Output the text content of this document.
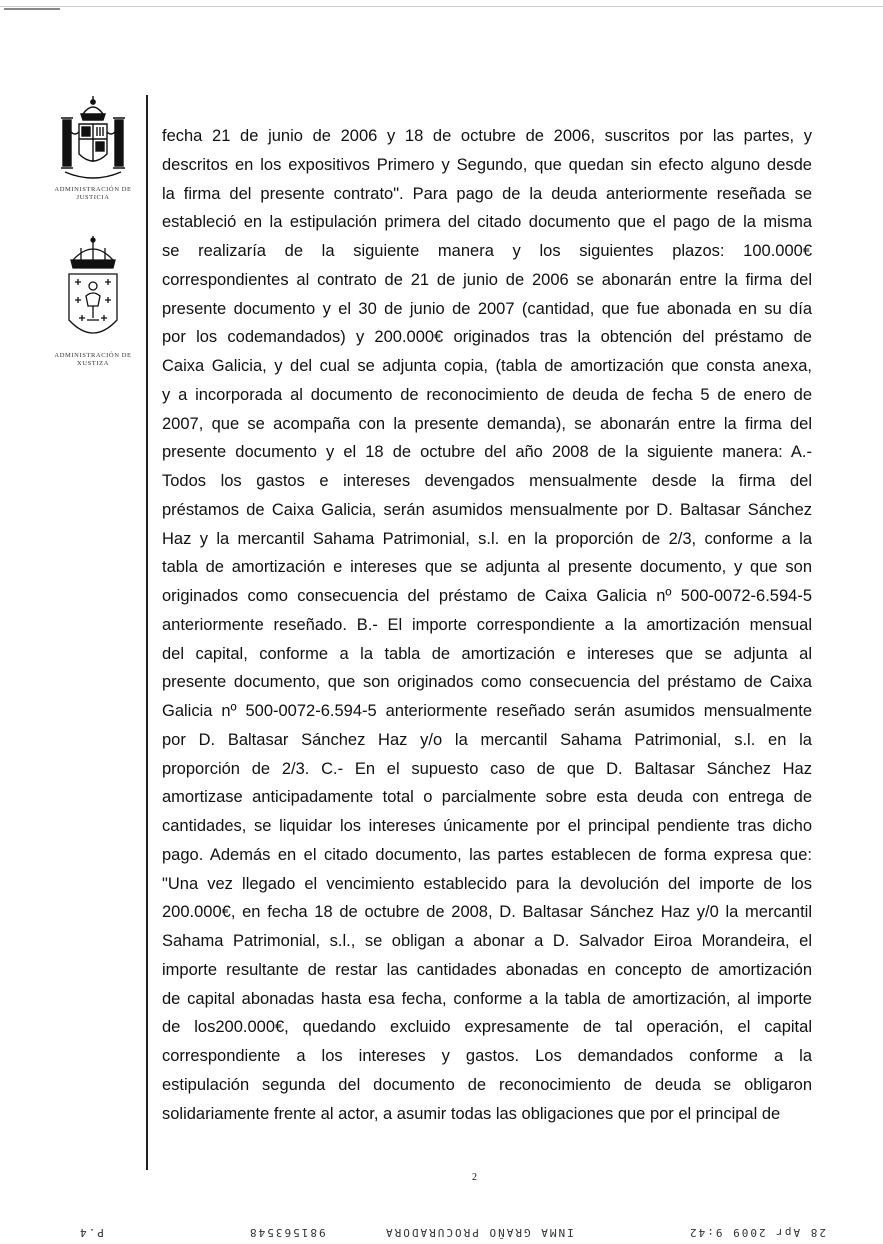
ADMINISTRACIÓN DE JUSTICIA
ADMINISTRACIÓN DE XUSTIZA
fecha 21 de junio de 2006 y 18 de octubre de 2006, suscritos por las partes, y
descritos en los expositivos Primero y Segundo, que quedan sin efecto alguno desde
la firma del presente contrato". Para pago de la deuda anteriormente reseñada se
estableció en la estipulación primera del citado documento que el pago de la misma
se realizaría de la siguiente manera y los siguientes plazos: 100.000€
correspondientes al contrato de 21 de junio de 2006 se abonarán entre la firma del
presente documento y el 30 de junio de 2007 (cantidad, que fue abonada en su día
por los codemandados) y 200.000€ originados tras la obtención del préstamo de
Caixa Galicia, y del cual se adjunta copia, (tabla de amortización que consta anexa,
y a incorporada al documento de reconocimiento de deuda de fecha 5 de enero de
2007, que se acompaña con la presente demanda), se abonarán entre la firma del
presente documento y el 18 de octubre del año 2008 de la siguiente manera: A.-
Todos los gastos e intereses devengados mensualmente desde la firma del
préstamos de Caixa Galicia, serán asumidos mensualmente por D. Baltasar Sánchez
Haz y la mercantil Sahama Patrimonial, s.l. en la proporción de 2/3, conforme a la
tabla de amortización e intereses que se adjunta al presente documento, y que son
originados como consecuencia del préstamo de Caixa Galicia nº 500-0072-6.594-5
anteriormente reseñado. B.- El importe correspondiente a la amortización mensual
del capital, conforme a la tabla de amortización e intereses que se adjunta al
presente documento, que son originados como consecuencia del préstamo de Caixa
Galicia nº 500-0072-6.594-5 anteriormente reseñado serán asumidos mensualmente
por D. Baltasar Sánchez Haz y/o la mercantil Sahama Patrimonial, s.l. en la
proporción de 2/3. C.- En el supuesto caso de que D. Baltasar Sánchez Haz
amortizase anticipadamente total o parcialmente sobre esta deuda con entrega de
cantidades, se liquidar los intereses únicamente por el principal pendiente tras dicho
pago. Además en el citado documento, las partes establecen de forma expresa que:
"Una vez llegado el vencimiento establecido para la devolución del importe de los
200.000€, en fecha 18 de octubre de 2008, D. Baltasar Sánchez Haz y/0 la mercantil
Sahama Patrimonial, s.l., se obligan a abonar a D. Salvador Eiroa Morandeira, el
importe resultante de restar las cantidades abonadas en concepto de amortización
de capital abonadas hasta esa fecha, conforme a la tabla de amortización, al importe
de los200.000€, quedando excluido expresamente de tal operación, el capital
correspondiente a los intereses y gastos. Los demandados conforme a la
estipulación segunda del documento de reconocimiento de deuda se obligaron
solidariamente frente al actor, a asumir todas las obligaciones que por el principal de
2
P.4	981563548	INMA GRAÑO PROCURADORA	28 Apr 2009 9:42
